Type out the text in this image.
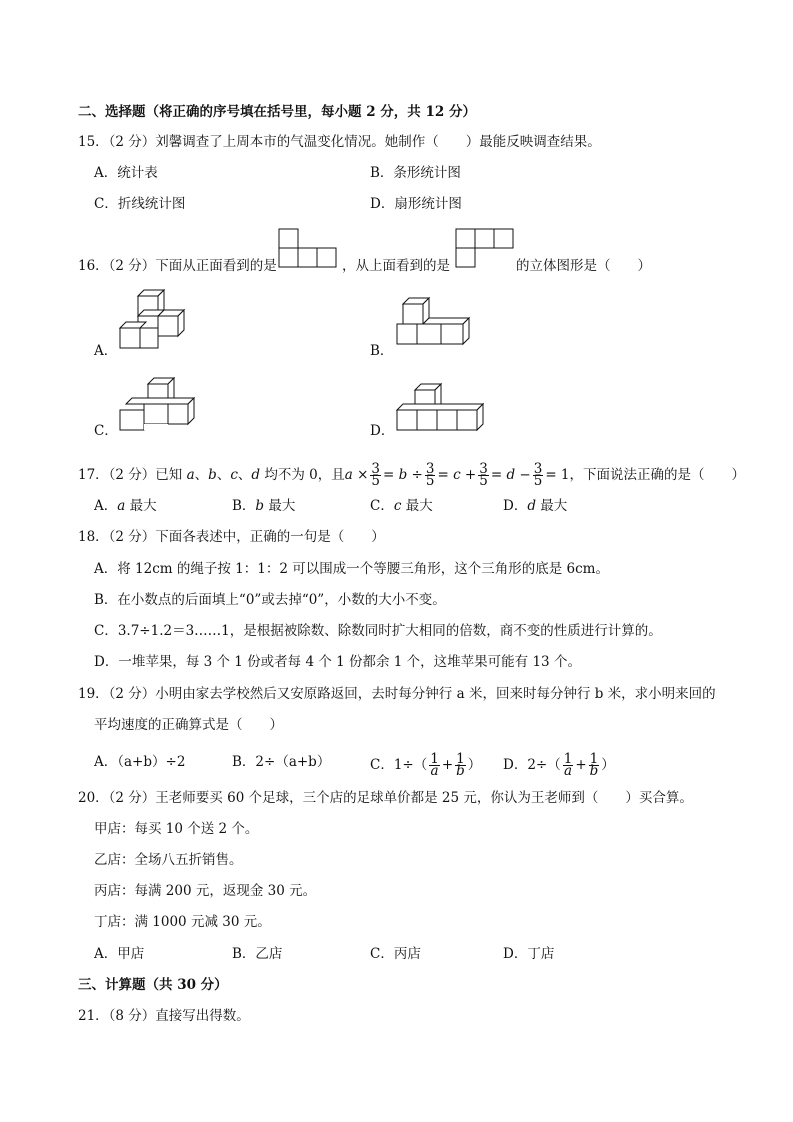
二、选择题（将正确的序号填在括号里，每小题 2 分，共 12 分）
15．（2 分）刘馨调查了上周本市的气温变化情况。她制作（　　）最能反映调查结果。
A．统计表	B．条形统计图
C．折线统计图	D．扇形统计图
16．（2 分）下面从正面看到的是	，从上面看到的是	的立体图形是（　　）
A．	B．
C．	D．
17．（2 分）已知 a、b、c、d 均不为 0，且$a \times \frac{3}{5} = b \div \frac{3}{5} = c + \frac{3}{5} = d - \frac{3}{5} = 1$，下面说法正确的是（　　）
A．a 最大	B．b 最大	C．c 最大	D．d 最大
18．（2 分）下面各表述中，正确的一句是（　　）
A．将 12cm 的绳子按 1：1：2 可以围成一个等腰三角形，这个三角形的底是 6cm。
B．在小数点的后面填上“0”或去掉“0”，小数的大小不变。
C．3.7÷1.2＝3……1，是根据被除数、除数同时扩大相同的倍数，商不变的性质进行计算的。
D．一堆苹果，每 3 个 1 份或者每 4 个 1 份都余 1 个，这堆苹果可能有 13 个。
19．（2 分）小明由家去学校然后又安原路返回，去时每分钟行 a 米，回来时每分钟行 b 米，求小明来回的
平均速度的正确算式是（　　）
A．（a+b）÷2	B．2÷（a+b）	C．$1\div( \frac{1}{a} + \frac{1}{b}$ ） D．$2\div( \frac{1}{a} + \frac{1}{b}$ ）
20．（2 分）王老师要买 60 个足球，三个店的足球单价都是 25 元，你认为王老师到（　　）买合算。
甲店：每买 10 个送 2 个。
乙店：全场八五折销售。
丙店：每满 200 元，返现金 30 元。
丁店：满 1000 元减 30 元。
A．甲店	B．乙店	C．丙店	D．丁店
三、计算题（共 30 分）
21．（8 分）直接写出得数。
